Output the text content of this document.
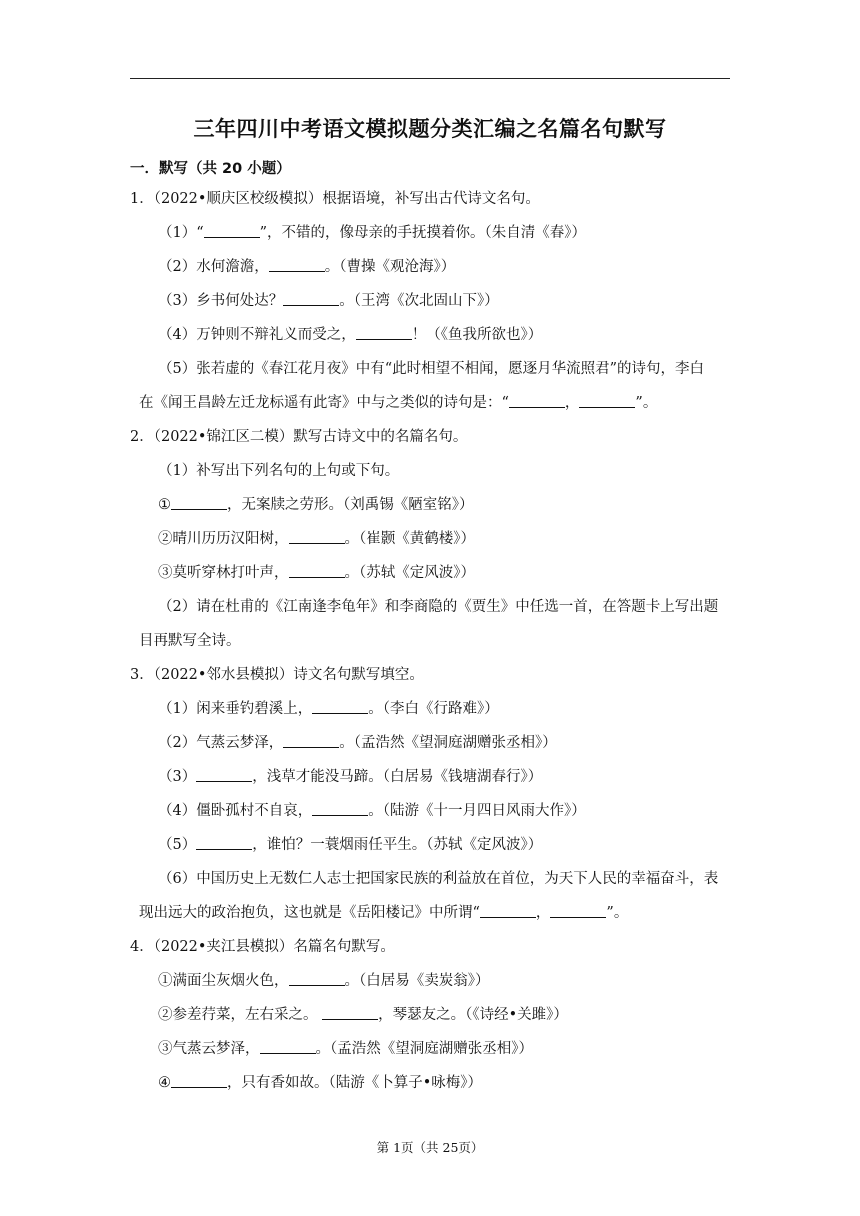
三年四川中考语文模拟题分类汇编之名篇名句默写
一．默写（共 20 小题）
1．（2022•顺庆区校级模拟）根据语境，补写出古代诗文名句。
（1）“	”，不错的，像母亲的手抚摸着你。（朱自清《春》）
（2）水何澹澹，	。（曹操《观沧海》）
（3）乡书何处达？	。（王湾《次北固山下》）
（4）万钟则不辩礼义而受之，	！（《鱼我所欲也》）
（5）张若虚的《春江花月夜》中有“此时相望不相闻，愿逐月华流照君”的诗句，李白
在《闻王昌龄左迁龙标遥有此寄》中与之类似的诗句是：“	，	”。
2．（2022•锦江区二模）默写古诗文中的名篇名句。
（1）补写出下列名句的上句或下句。
①	，无案牍之劳形。（刘禹锡《陋室铭》）
②晴川历历汉阳树，	。（崔颢《黄鹤楼》）
③莫听穿林打叶声，	。（苏轼《定风波》）
（2）请在杜甫的《江南逢李龟年》和李商隐的《贾生》中任选一首，在答题卡上写出题
目再默写全诗。
3．（2022•邻水县模拟）诗文名句默写填空。
（1）闲来垂钓碧溪上，	。（李白《行路难》）
（2）气蒸云梦泽，	。（孟浩然《望洞庭湖赠张丞相》）
（3）	，浅草才能没马蹄。（白居易《钱塘湖春行》）
（4）僵卧孤村不自哀，	。（陆游《十一月四日风雨大作》）
（5）	，谁怕？一蓑烟雨任平生。（苏轼《定风波》）
（6）中国历史上无数仁人志士把国家民族的利益放在首位，为天下人民的幸福奋斗，表
现出远大的政治抱负，这也就是《岳阳楼记》中所谓“	，	”。
4．（2022•夹江县模拟）名篇名句默写。
①满面尘灰烟火色，	。（白居易《卖炭翁》）
②参差荇菜，左右采之。	，琴瑟友之。（《诗经•关雎》）
③气蒸云梦泽，	。（孟浩然《望洞庭湖赠张丞相》）
④	，只有香如故。（陆游《卜算子•咏梅》）
第 1页（共 25页）
